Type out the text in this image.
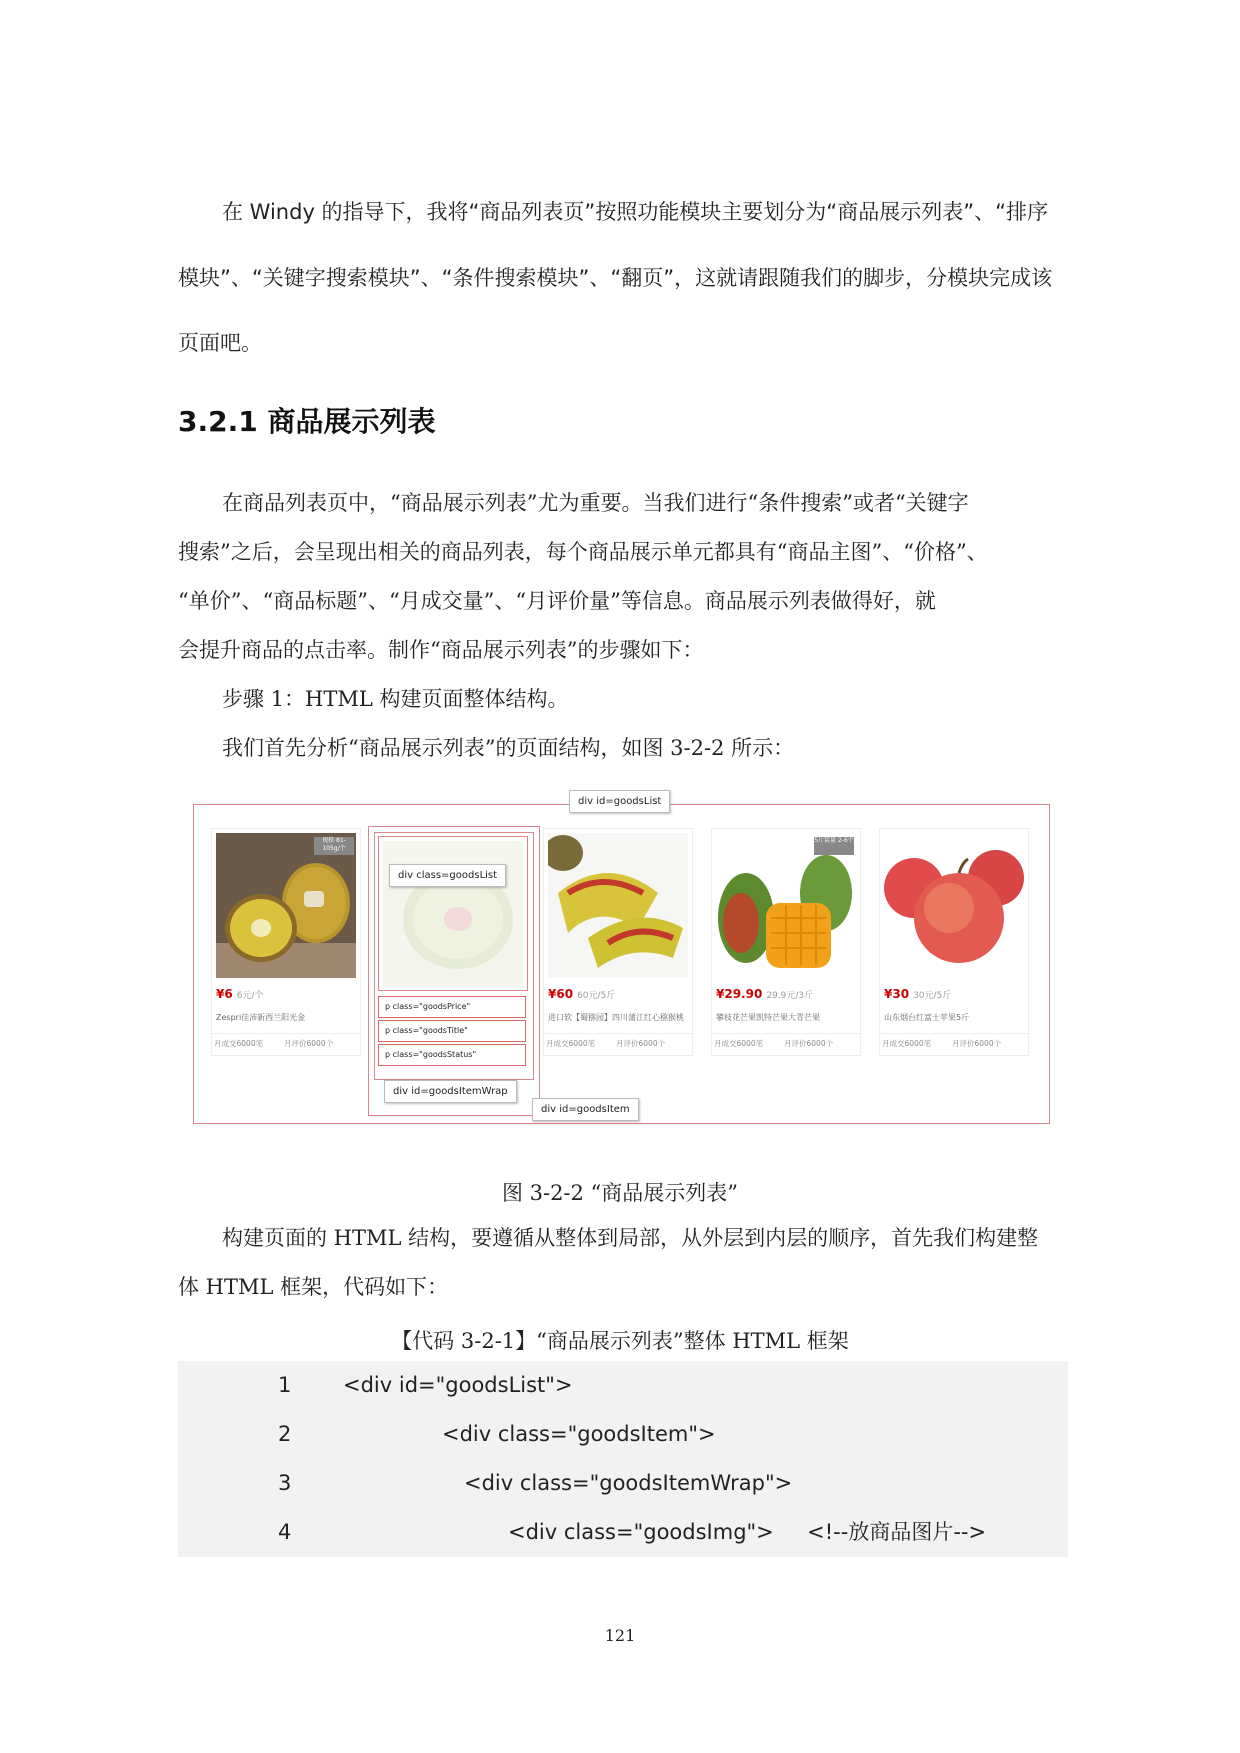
在 Windy 的指导下，我将“商品列表页”按照功能模块主要划分为“商品展示列表”、“排序
模块”、“关键字搜索模块”、“条件搜索模块”、“翻页”，这就请跟随我们的脚步，分模块完成该
页面吧。
3.2.1 商品展示列表
在商品列表页中，“商品展示列表”尤为重要。当我们进行“条件搜索”或者“关键字
搜索”之后，会呈现出相关的商品列表，每个商品展示单元都具有“商品主图”、“价格”、
“单价”、“商品标题”、“月成交量”、“月评价量”等信息。商品展示列表做得好，就
会提升商品的点击率。制作“商品展示列表”的步骤如下：
步骤 1：HTML 构建页面整体结构。
我们首先分析“商品展示列表”的页面结构，如图 3-2-2 所示：
规格 81-105g/个
¥6 6元/个
Zespri佳沛新西兰阳光金
月成交6000笔	月评价6000个
div class=goodsList
p class="goodsPrice"
p class="goodsTitle"
p class="goodsStatus"
div id=goodsItemWrap
¥60 60元/5斤
进口软【蜀猕园】四川蒲江红心猕猴桃
月成交6000笔	月评价6000个
div id=goodsItem
5斤装量 2-6个
¥29.90 29.9元/3斤
攀枝花芒果凯特芒果大青芒果
月成交6000笔	月评价6000个
¥30 30元/5斤
山东烟台红富士苹果5斤
月成交6000笔	月评价6000个
div id=goodsList
图 3-2-2 “商品展示列表”
构建页面的 HTML 结构，要遵循从整体到局部，从外层到内层的顺序，首先我们构建整
体 HTML 框架，代码如下：
【代码 3-2-1】“商品展示列表”整体 HTML 框架
1	<div id="goodsList">
2	<div class="goodsItem">
3	<div class="goodsItemWrap">
4	<div class="goodsImg">     <!--放商品图片-->
121
